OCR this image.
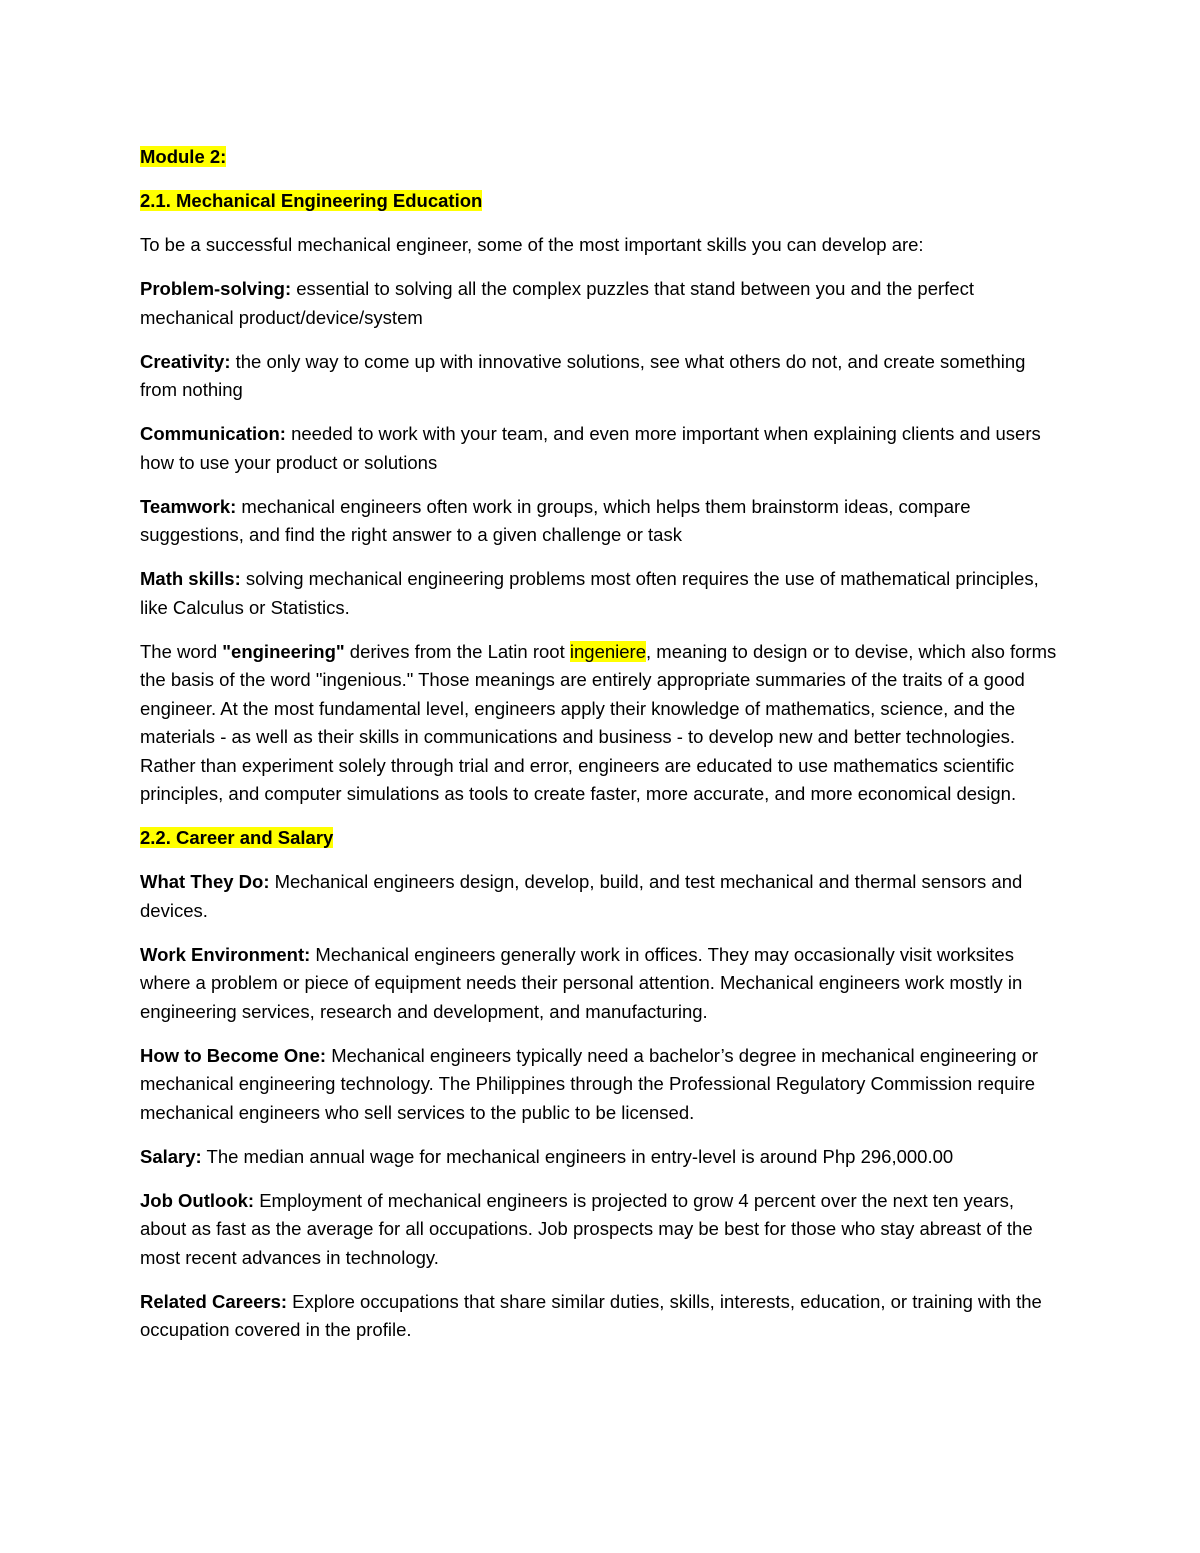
Module 2:

2.1. Mechanical Engineering Education

To be a successful mechanical engineer, some of the most important skills you can develop are:

Problem-solving: essential to solving all the complex puzzles that stand between you and the perfect mechanical product/device/system

Creativity: the only way to come up with innovative solutions, see what others do not, and create something from nothing

Communication: needed to work with your team, and even more important when explaining clients and users how to use your product or solutions

Teamwork: mechanical engineers often work in groups, which helps them brainstorm ideas, compare suggestions, and find the right answer to a given challenge or task

Math skills: solving mechanical engineering problems most often requires the use of mathematical principles, like Calculus or Statistics.

The word "engineering" derives from the Latin root ingeniere, meaning to design or to devise, which also forms the basis of the word "ingenious." Those meanings are entirely appropriate summaries of the traits of a good engineer. At the most fundamental level, engineers apply their knowledge of mathematics, science, and the materials - as well as their skills in communications and business - to develop new and better technologies. Rather than experiment solely through trial and error, engineers are educated to use mathematics scientific principles, and computer simulations as tools to create faster, more accurate, and more economical design.

2.2. Career and Salary

What They Do: Mechanical engineers design, develop, build, and test mechanical and thermal sensors and devices.

Work Environment: Mechanical engineers generally work in offices. They may occasionally visit worksites where a problem or piece of equipment needs their personal attention. Mechanical engineers work mostly in engineering services, research and development, and manufacturing.

How to Become One: Mechanical engineers typically need a bachelor’s degree in mechanical engineering or mechanical engineering technology. The Philippines through the Professional Regulatory Commission require mechanical engineers who sell services to the public to be licensed.

Salary: The median annual wage for mechanical engineers in entry-level is around Php 296,000.00

Job Outlook: Employment of mechanical engineers is projected to grow 4 percent over the next ten years, about as fast as the average for all occupations. Job prospects may be best for those who stay abreast of the most recent advances in technology.

Related Careers: Explore occupations that share similar duties, skills, interests, education, or training with the occupation covered in the profile.
